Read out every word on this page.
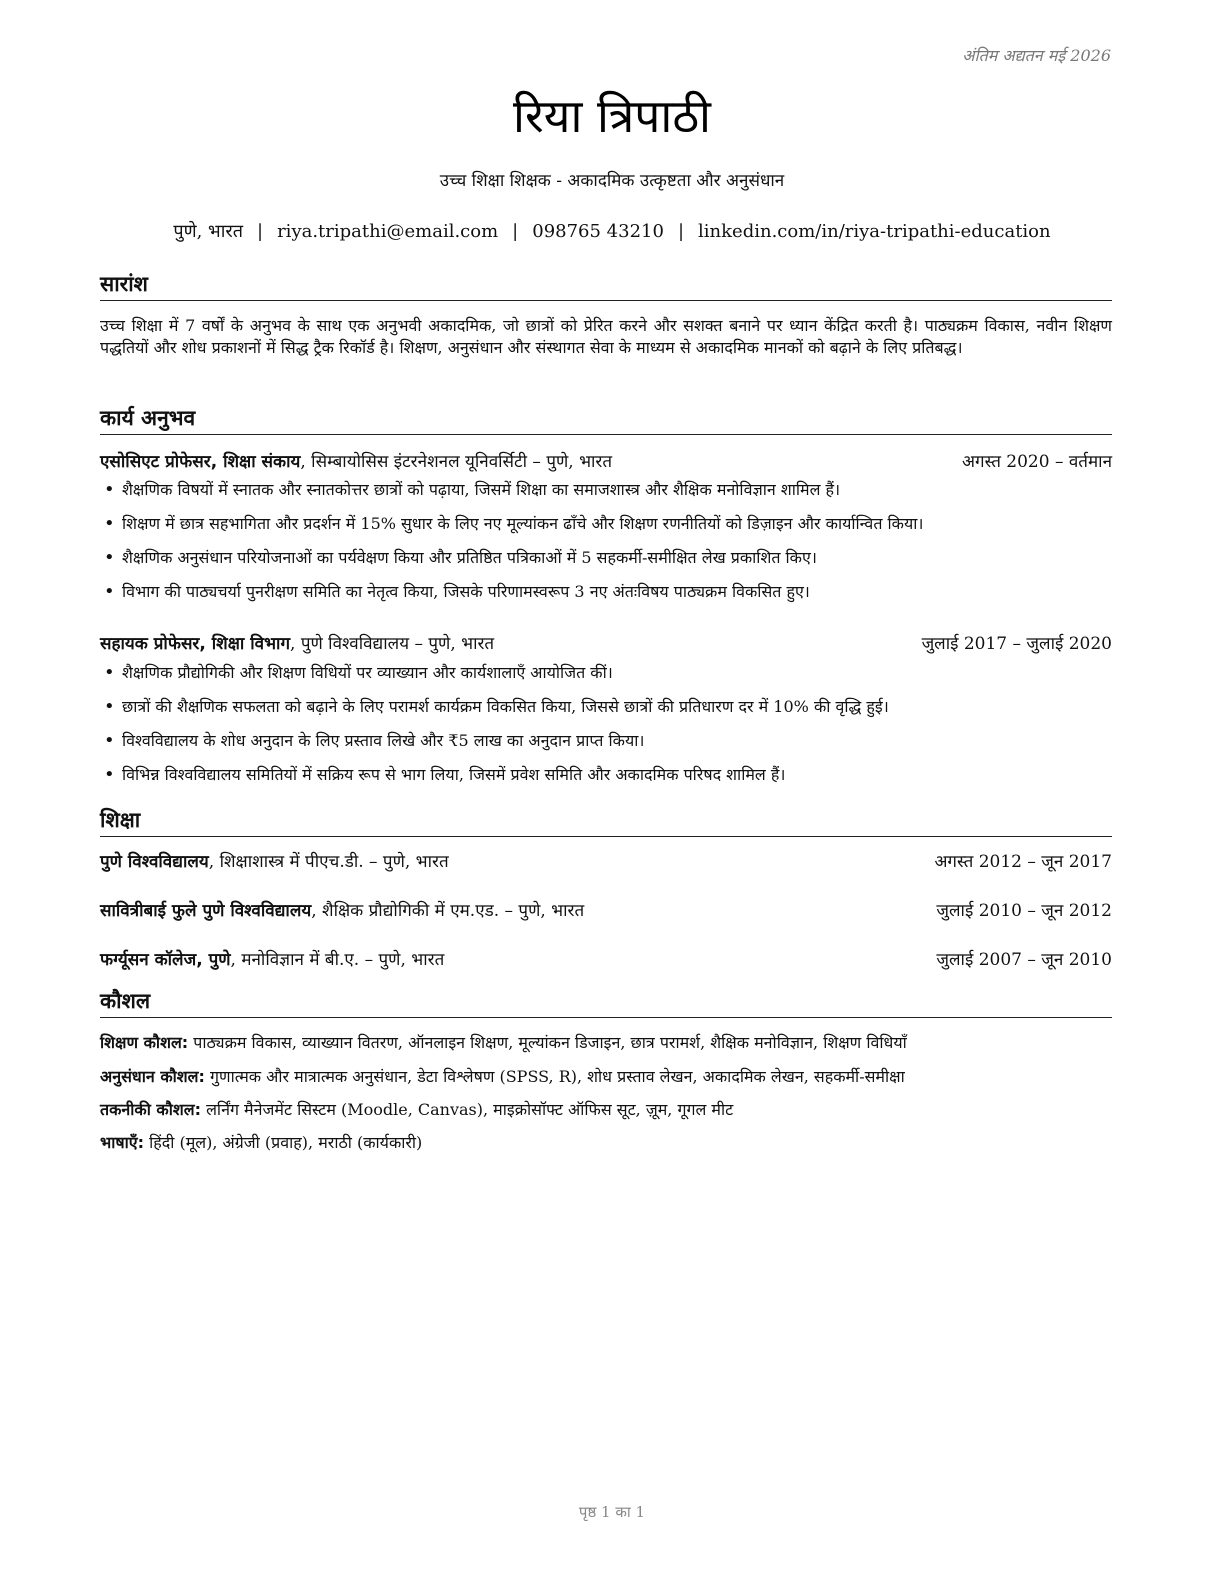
अंतिम अद्यतन मई 2026
रिया त्रिपाठी
उच्च शिक्षा शिक्षक - अकादमिक उत्कृष्टता और अनुसंधान
पुणे, भारत | riya.tripathi@email.com | 098765 43210 | linkedin.com/in/riya-tripathi-education
सारांश
उच्च शिक्षा में 7 वर्षों के अनुभव के साथ एक अनुभवी अकादमिक, जो छात्रों को प्रेरित करने और सशक्त बनाने पर ध्यान केंद्रित करती है। पाठ्यक्रम विकास, नवीन शिक्षण पद्धतियों और शोध प्रकाशनों में सिद्ध ट्रैक रिकॉर्ड है। शिक्षण, अनुसंधान और संस्थागत सेवा के माध्यम से अकादमिक मानकों को बढ़ाने के लिए प्रतिबद्ध।
कार्य अनुभव
एसोसिएट प्रोफेसर, शिक्षा संकाय, सिम्बायोसिस इंटरनेशनल यूनिवर्सिटी – पुणे, भारत	अगस्त 2020 – वर्तमान
• शैक्षणिक विषयों में स्नातक और स्नातकोत्तर छात्रों को पढ़ाया, जिसमें शिक्षा का समाजशास्त्र और शैक्षिक मनोविज्ञान शामिल हैं।
• शिक्षण में छात्र सहभागिता और प्रदर्शन में 15% सुधार के लिए नए मूल्यांकन ढाँचे और शिक्षण रणनीतियों को डिज़ाइन और कार्यान्वित किया।
• शैक्षणिक अनुसंधान परियोजनाओं का पर्यवेक्षण किया और प्रतिष्ठित पत्रिकाओं में 5 सहकर्मी-समीक्षित लेख प्रकाशित किए।
• विभाग की पाठ्यचर्या पुनरीक्षण समिति का नेतृत्व किया, जिसके परिणामस्वरूप 3 नए अंतःविषय पाठ्यक्रम विकसित हुए।
सहायक प्रोफेसर, शिक्षा विभाग, पुणे विश्वविद्यालय – पुणे, भारत	जुलाई 2017 – जुलाई 2020
• शैक्षणिक प्रौद्योगिकी और शिक्षण विधियों पर व्याख्यान और कार्यशालाएँ आयोजित कीं।
• छात्रों की शैक्षणिक सफलता को बढ़ाने के लिए परामर्श कार्यक्रम विकसित किया, जिससे छात्रों की प्रतिधारण दर में 10% की वृद्धि हुई।
• विश्वविद्यालय के शोध अनुदान के लिए प्रस्ताव लिखे और ₹5 लाख का अनुदान प्राप्त किया।
• विभिन्न विश्वविद्यालय समितियों में सक्रिय रूप से भाग लिया, जिसमें प्रवेश समिति और अकादमिक परिषद शामिल हैं।
शिक्षा
पुणे विश्वविद्यालय, शिक्षाशास्त्र में पीएच.डी. – पुणे, भारत	अगस्त 2012 – जून 2017
सावित्रीबाई फुले पुणे विश्वविद्यालय, शैक्षिक प्रौद्योगिकी में एम.एड. – पुणे, भारत	जुलाई 2010 – जून 2012
फर्ग्यूसन कॉलेज, पुणे, मनोविज्ञान में बी.ए. – पुणे, भारत	जुलाई 2007 – जून 2010
कौशल
शिक्षण कौशल: पाठ्यक्रम विकास, व्याख्यान वितरण, ऑनलाइन शिक्षण, मूल्यांकन डिजाइन, छात्र परामर्श, शैक्षिक मनोविज्ञान, शिक्षण विधियाँ
अनुसंधान कौशल: गुणात्मक और मात्रात्मक अनुसंधान, डेटा विश्लेषण (SPSS, R), शोध प्रस्ताव लेखन, अकादमिक लेखन, सहकर्मी-समीक्षा
तकनीकी कौशल: लर्निंग मैनेजमेंट सिस्टम (Moodle, Canvas), माइक्रोसॉफ्ट ऑफिस सूट, ज़ूम, गूगल मीट
भाषाएँ: हिंदी (मूल), अंग्रेजी (प्रवाह), मराठी (कार्यकारी)
पृष्ठ 1 का 1
